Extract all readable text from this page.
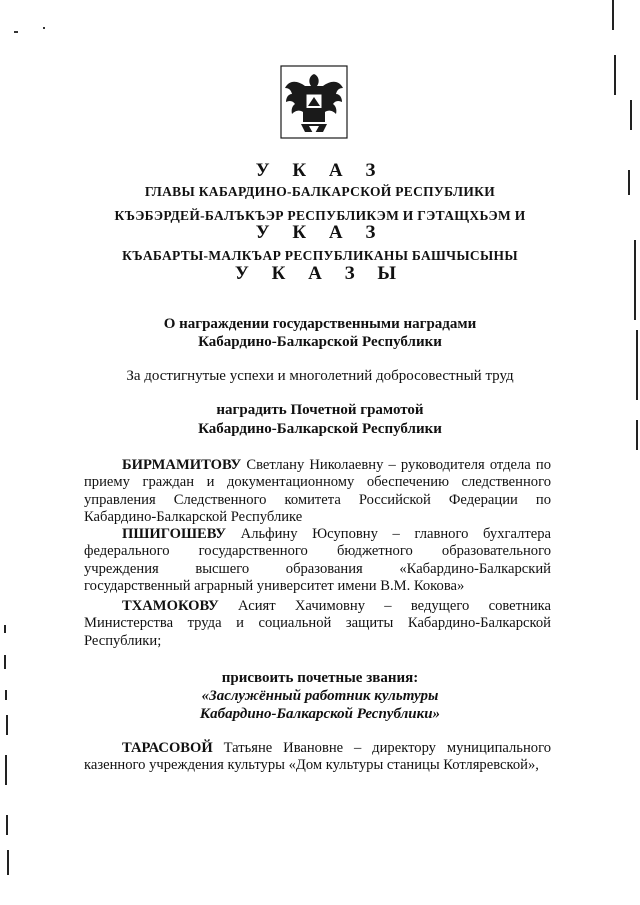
У К А З
ГЛАВЫ КАБАРДИНО-БАЛКАРСКОЙ РЕСПУБЛИКИ
КЪЭБЭРДЕЙ-БАЛЪКЪЭР РЕСПУБЛИКЭМ И ГЭТАЩХЬЭМ И
У К А З
КЪАБАРТЫ-МАЛКЪАР РЕСПУБЛИКАНЫ БАШЧЫСЫНЫ
У К А З Ы
О награждении государственными наградами
Кабардино-Балкарской Республики
За достигнутые успехи и многолетний добросовестный труд
наградить Почетной грамотой
Кабардино-Балкарской Республики
БИРМАМИТОВУ Светлану Николаевну – руководителя отдела по приему граждан и документационному обеспечению следственного управления Следственного комитета Российской Федерации по Кабардино-Балкарской Республике
ПШИГОШЕВУ Альфину Юсуповну – главного бухгалтера федерального государственного бюджетного образовательного учреждения высшего образования «Кабардино-Балкарский государственный аграрный университет имени В.М. Кокова»
ТХАМОКОВУ Асият Хачимовну – ведущего советника Министерства труда и социальной защиты Кабардино-Балкарской Республики;
присвоить почетные звания:
«Заслужённый работник культуры
Кабардино-Балкарской Республики»
ТАРАСОВОЙ Татьяне Ивановне – директору муниципального казенного учреждения культуры «Дом культуры станицы Котляревской»,
